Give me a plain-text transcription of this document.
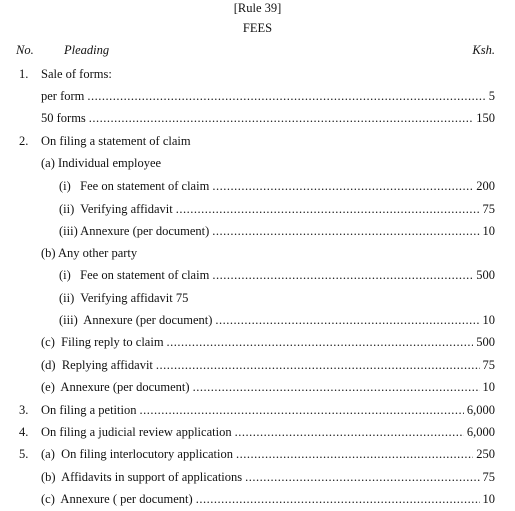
[Rule 39]
FEES
No. Pleading	Ksh.
1. Sale of forms:
per form .....	5
50 forms .....	150
2. On filing a statement of claim
(a) Individual employee
(i)   Fee on statement of claim .....	200
(ii)  Verifying affidavit .....	75
(iii) Annexure (per document) .....	10
(b) Any other party
(i)   Fee on statement of claim .....	500
(ii)  Verifying affidavit 75
(iii)  Annexure (per document) .....	10
(c)  Filing reply to claim .....	500
(d)  Replying affidavit .....	75
(e)  Annexure (per document) .....	10
3. On filing a petition .....	6,000
4. On filing a judicial review application .....	6,000
5. (a)  On filing interlocutory application .....	250
(b)  Affidavits in support of applications .....	75
(c)  Annexure ( per document) .....	10
